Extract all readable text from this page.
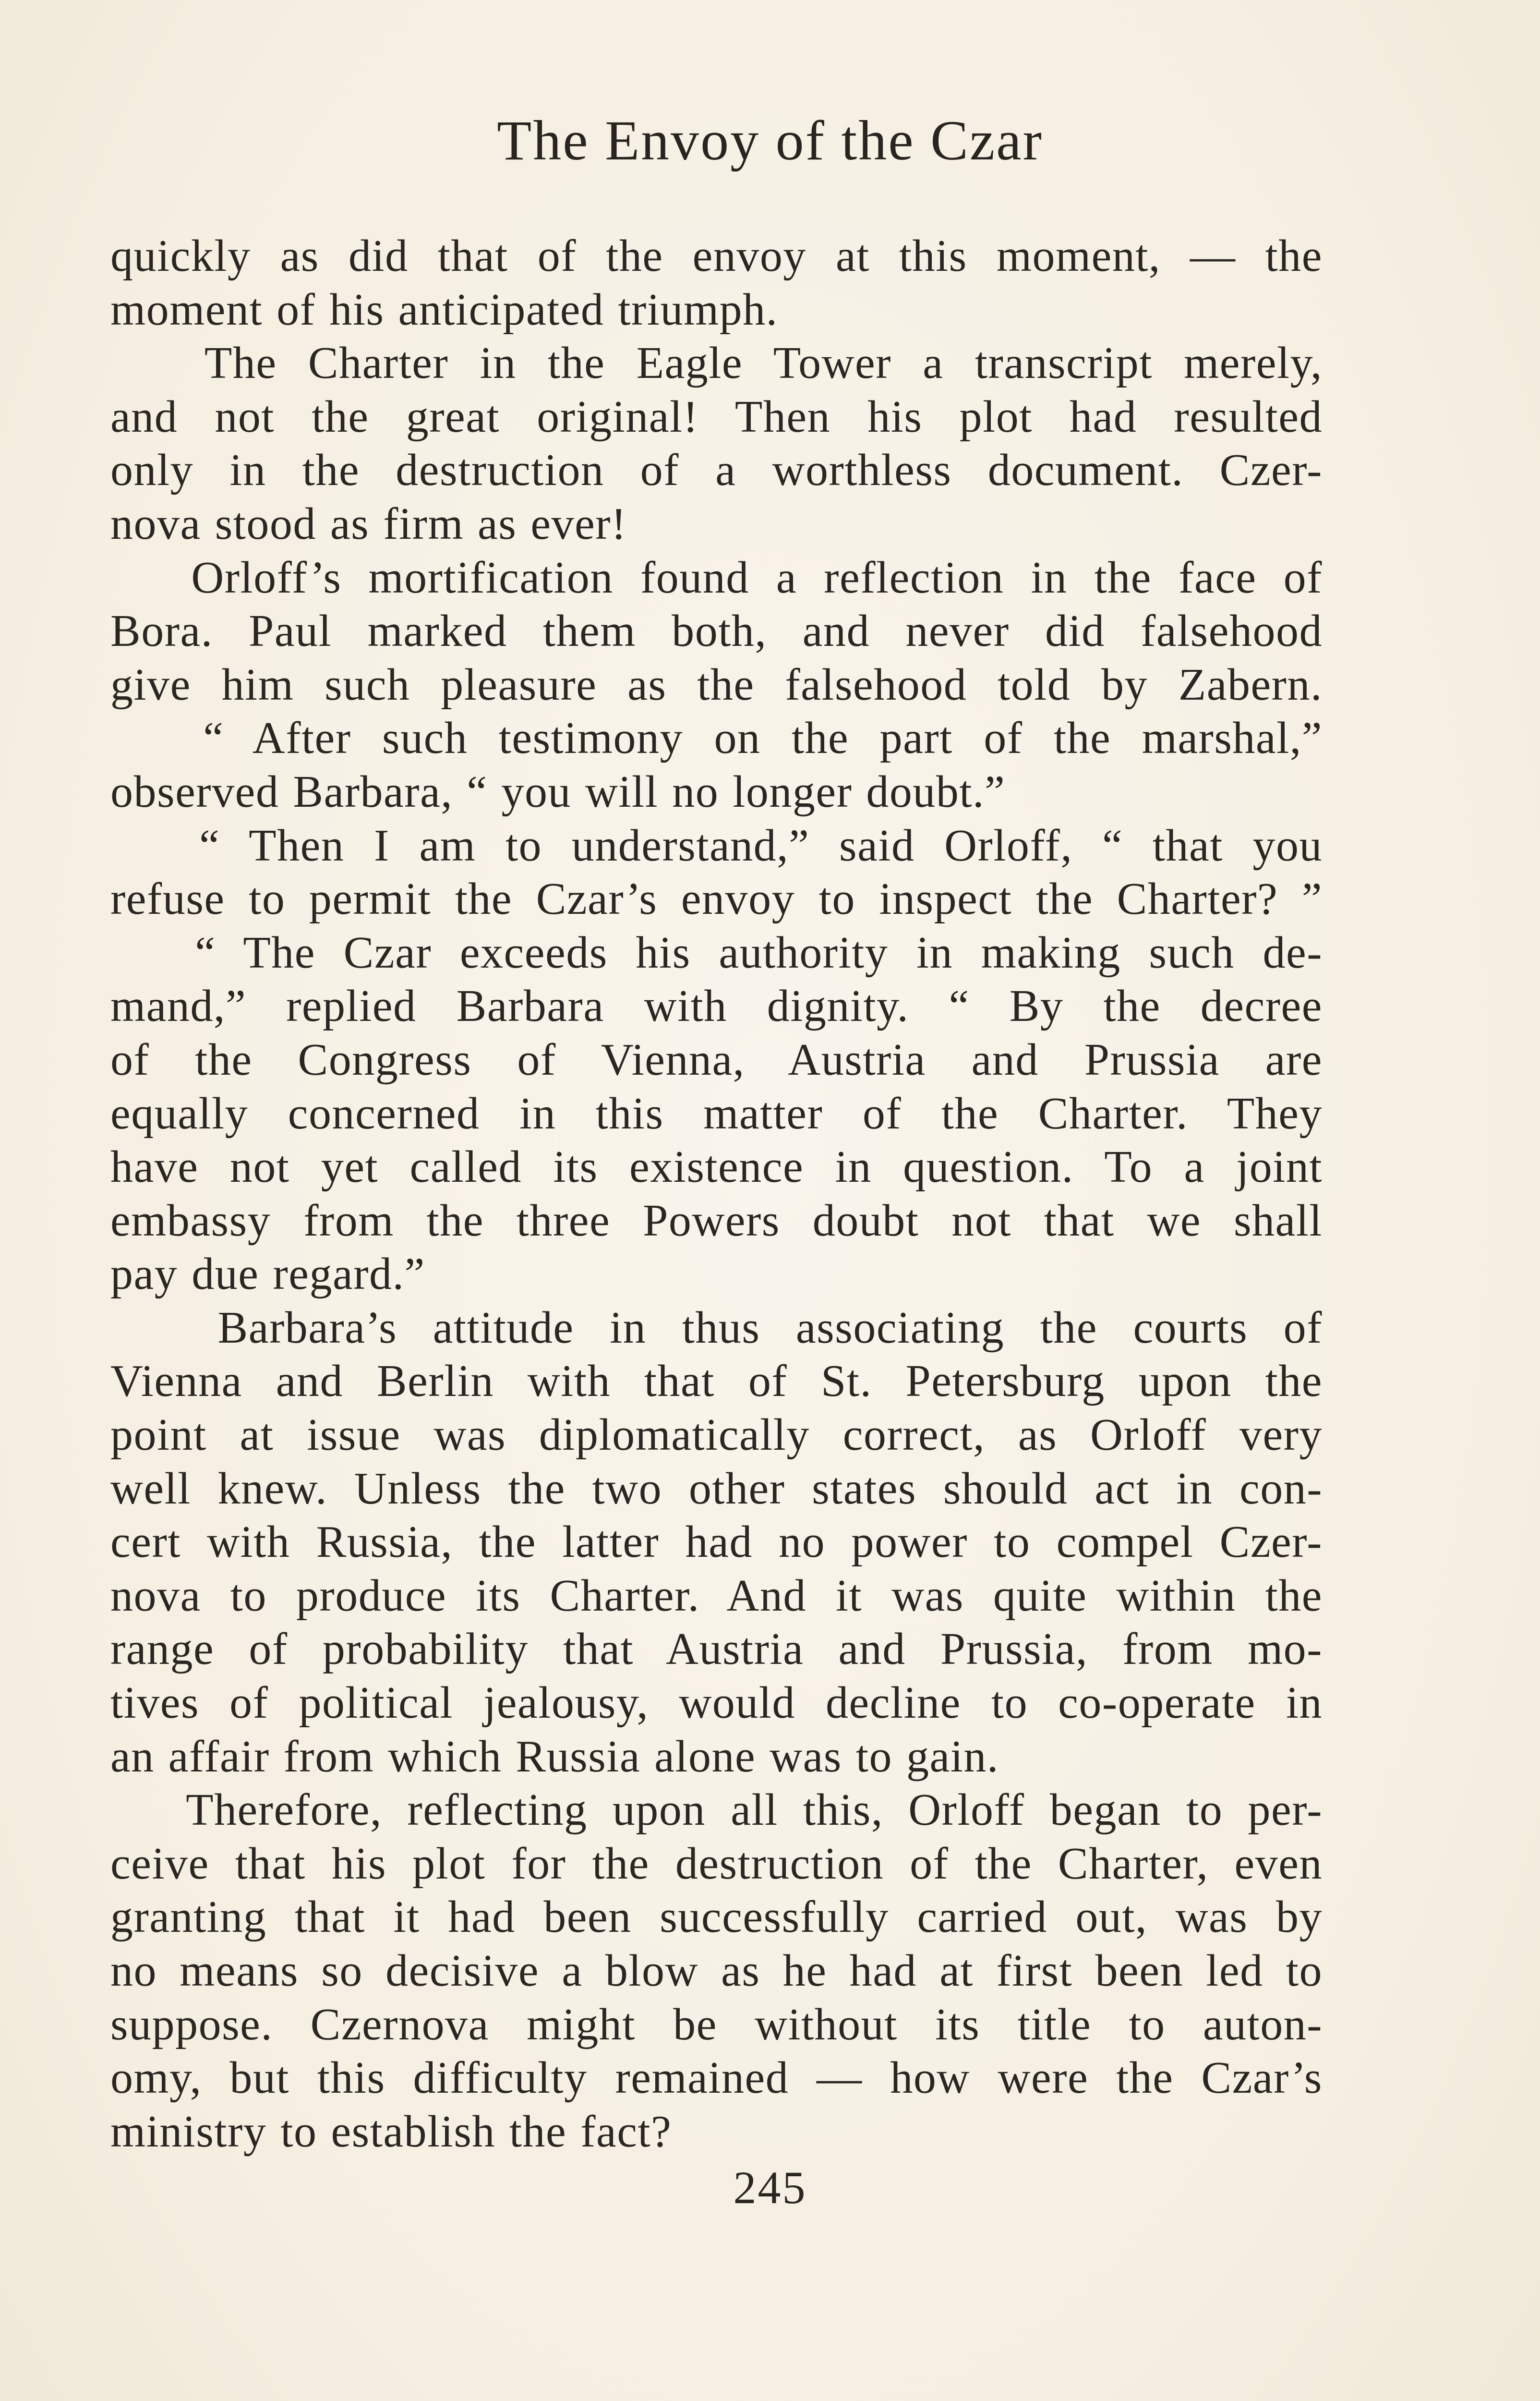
The Envoy of the Czar
quickly as did that of the envoy at this moment, — the
moment of his anticipated triumph.
The Charter in the Eagle Tower a transcript merely,
and not the great original! Then his plot had resulted
only in the destruction of a worthless document. Czer-
nova stood as firm as ever!
Orloff’s mortification found a reflection in the face of
Bora. Paul marked them both, and never did falsehood
give him such pleasure as the falsehood told by Zabern.
“ After such testimony on the part of the marshal,”
observed Barbara, “ you will no longer doubt.”
“ Then I am to understand,” said Orloff, “ that you
refuse to permit the Czar’s envoy to inspect the Charter? ”
“ The Czar exceeds his authority in making such de-
mand,” replied Barbara with dignity. “ By the decree
of the Congress of Vienna, Austria and Prussia are
equally concerned in this matter of the Charter. They
have not yet called its existence in question. To a joint
embassy from the three Powers doubt not that we shall
pay due regard.”
Barbara’s attitude in thus associating the courts of
Vienna and Berlin with that of St. Petersburg upon the
point at issue was diplomatically correct, as Orloff very
well knew. Unless the two other states should act in con-
cert with Russia, the latter had no power to compel Czer-
nova to produce its Charter. And it was quite within the
range of probability that Austria and Prussia, from mo-
tives of political jealousy, would decline to co-operate in
an affair from which Russia alone was to gain.
Therefore, reflecting upon all this, Orloff began to per-
ceive that his plot for the destruction of the Charter, even
granting that it had been successfully carried out, was by
no means so decisive a blow as he had at first been led to
suppose. Czernova might be without its title to auton-
omy, but this difficulty remained — how were the Czar’s
ministry to establish the fact?
245
